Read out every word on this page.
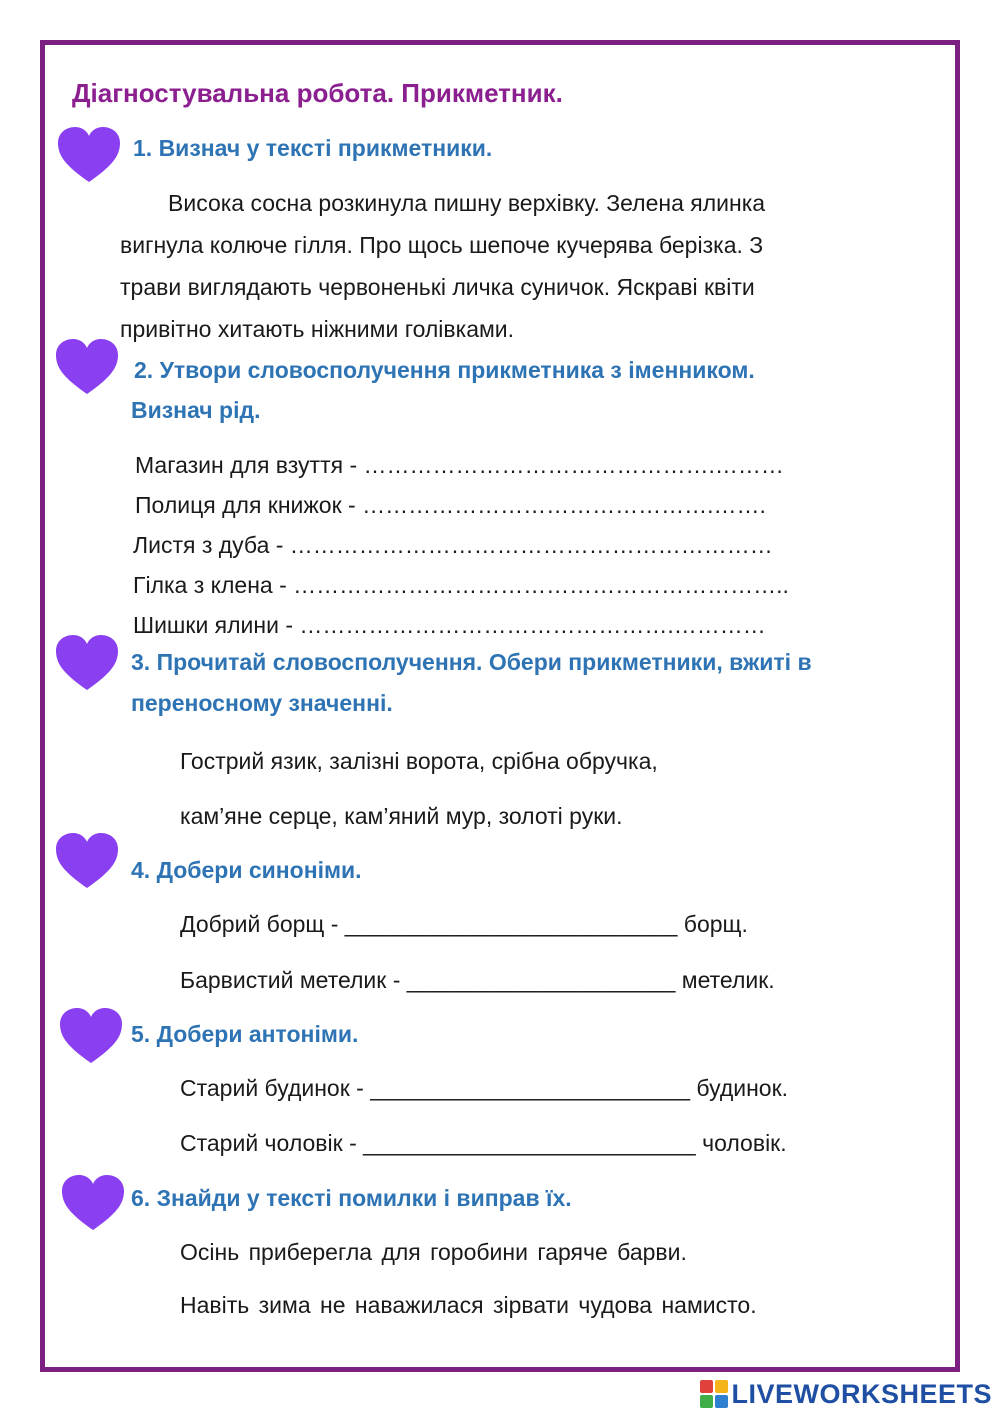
Діагностувальна робота. Прикметник.
1. Визнач у тексті прикметники.
Висока сосна розкинула пишну верхівку. Зелена ялинка
вигнула колюче гілля. Про щось шепоче кучерява берізка. З
трави виглядають червоненькі личка суничок. Яскраві квіти
привітно хитають ніжними голівками.
2. Утвори словосполучення прикметника з іменником.
Визнач рід.
Магазин для взуття - ……………………………………….………
Полиця для книжок - ……………………………………….…….
Листя з дуба - ………………………………………………………
Гілка з клена - ………………………………………………………..
Шишки ялини - ………………………………………….…………
3. Прочитай словосполучення. Обери прикметники, вжиті в
переносному значенні.
Гострий язик, залізні ворота, срібна обручка,
кам’яне серце, кам’яний мур, золоті руки.
4. Добери синоніми.
Добрий борщ - __________________________ борщ.
Барвистий метелик - _____________________ метелик.
5. Добери антоніми.
Старий будинок - _________________________ будинок.
Старий чоловік - __________________________ чоловік.
6. Знайди у тексті помилки і виправ їх.
Осінь приберегла для горобини гаряче барви.
Навіть зима не наважилася зірвати чудова намисто.
LIVEWORKSHEETS
